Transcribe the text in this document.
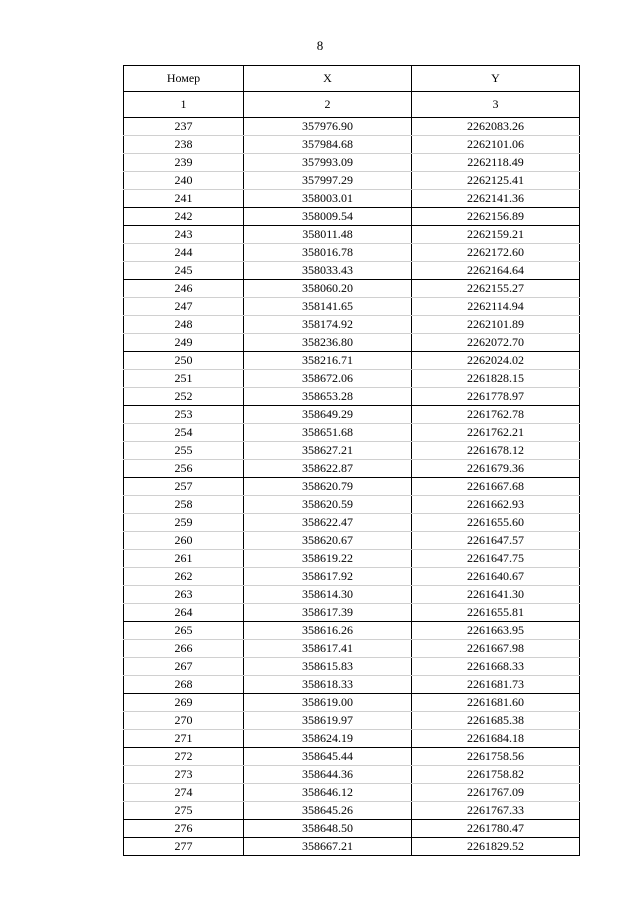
8
Номер	X	Y
1	2	3
237	357976.90	2262083.26
238	357984.68	2262101.06
239	357993.09	2262118.49
240	357997.29	2262125.41
241	358003.01	2262141.36
242	358009.54	2262156.89
243	358011.48	2262159.21
244	358016.78	2262172.60
245	358033.43	2262164.64
246	358060.20	2262155.27
247	358141.65	2262114.94
248	358174.92	2262101.89
249	358236.80	2262072.70
250	358216.71	2262024.02
251	358672.06	2261828.15
252	358653.28	2261778.97
253	358649.29	2261762.78
254	358651.68	2261762.21
255	358627.21	2261678.12
256	358622.87	2261679.36
257	358620.79	2261667.68
258	358620.59	2261662.93
259	358622.47	2261655.60
260	358620.67	2261647.57
261	358619.22	2261647.75
262	358617.92	2261640.67
263	358614.30	2261641.30
264	358617.39	2261655.81
265	358616.26	2261663.95
266	358617.41	2261667.98
267	358615.83	2261668.33
268	358618.33	2261681.73
269	358619.00	2261681.60
270	358619.97	2261685.38
271	358624.19	2261684.18
272	358645.44	2261758.56
273	358644.36	2261758.82
274	358646.12	2261767.09
275	358645.26	2261767.33
276	358648.50	2261780.47
277	358667.21	2261829.52
